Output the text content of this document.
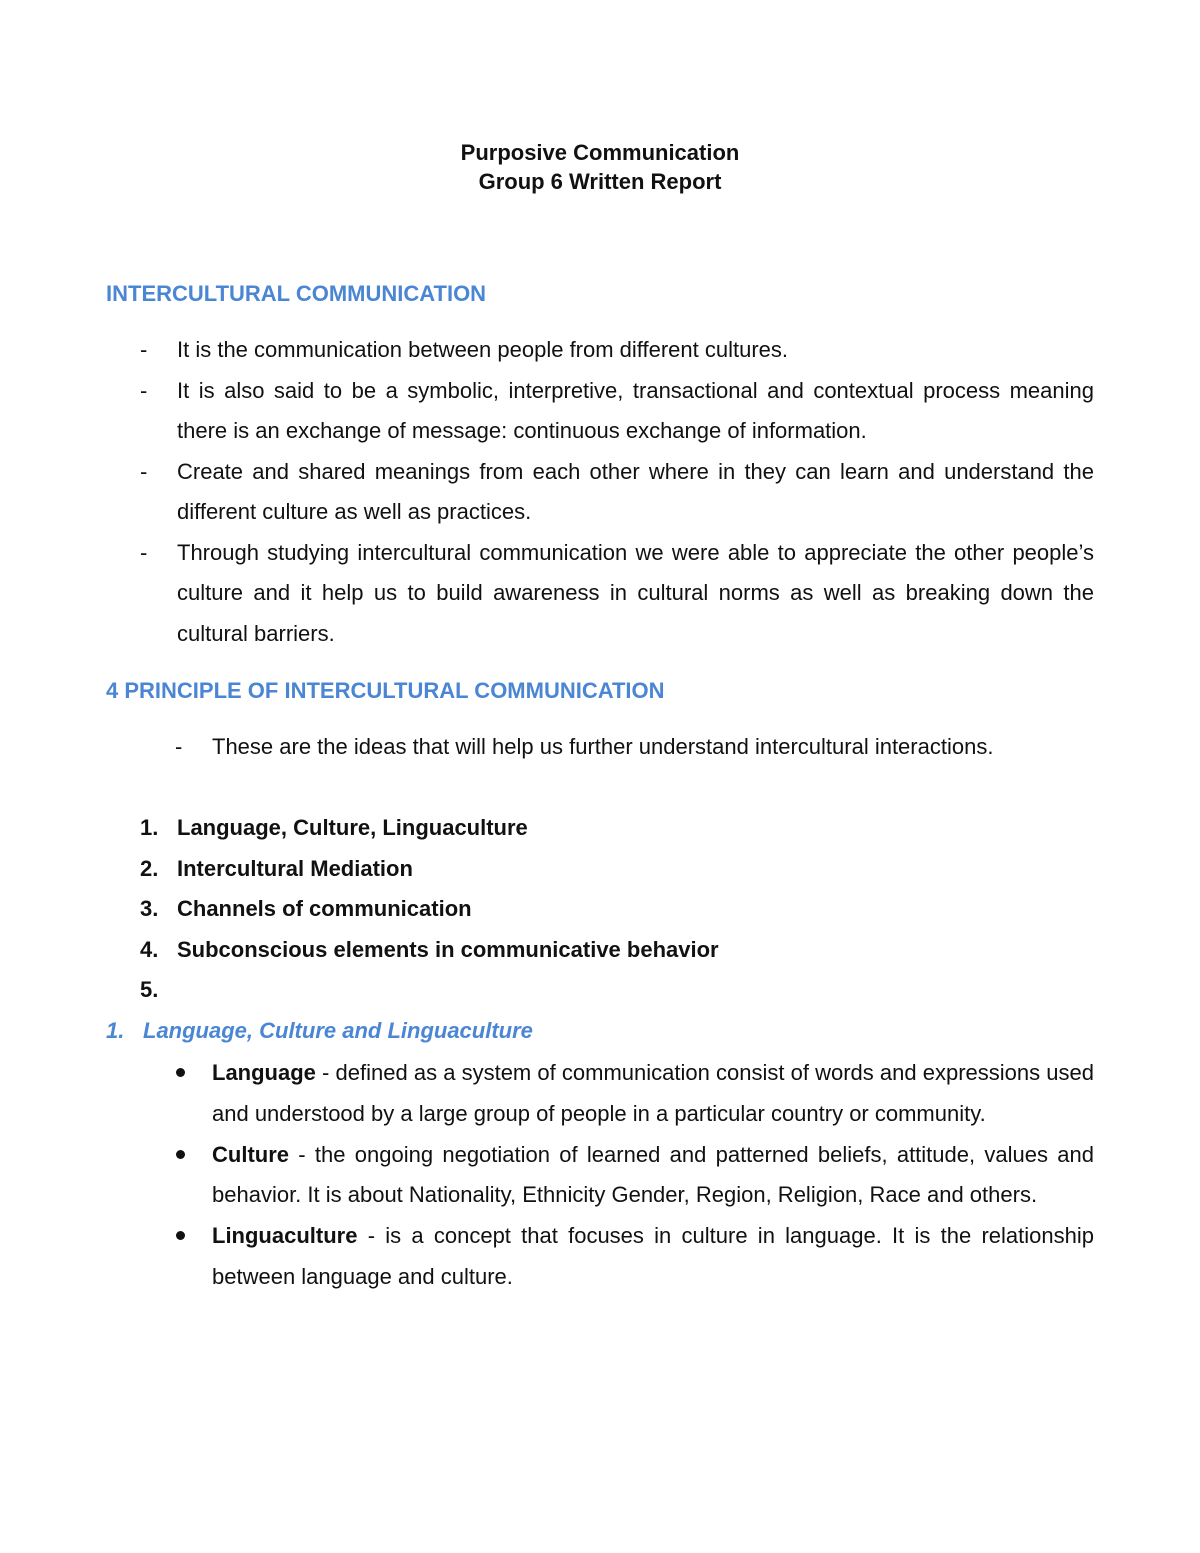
Purposive Communication
Group 6 Written Report
INTERCULTURAL COMMUNICATION
-	It is the communication between people from different cultures.
-	It is also said to be a symbolic, interpretive, transactional and contextual process meaning there is an exchange of message: continuous exchange of information.
-	Create and shared meanings from each other where in they can learn and understand the different culture as well as practices.
-	Through studying intercultural communication we were able to appreciate the other people’s culture and it help us to build awareness in cultural norms as well as breaking down the cultural barriers.
4 PRINCIPLE OF INTERCULTURAL COMMUNICATION
-	These are the ideas that will help us further understand intercultural interactions.
1. Language, Culture, Linguaculture
2. Intercultural Mediation
3. Channels of communication
4. Subconscious elements in communicative behavior
5.
1. Language, Culture and Linguaculture
Language - defined as a system of communication consist of words and expressions used and understood by a large group of people in a particular country or community.
Culture - the ongoing negotiation of learned and patterned beliefs, attitude, values and behavior. It is about Nationality, Ethnicity Gender, Region, Religion, Race and others.
Linguaculture - is a concept that focuses in culture in language. It is the relationship between language and culture.
